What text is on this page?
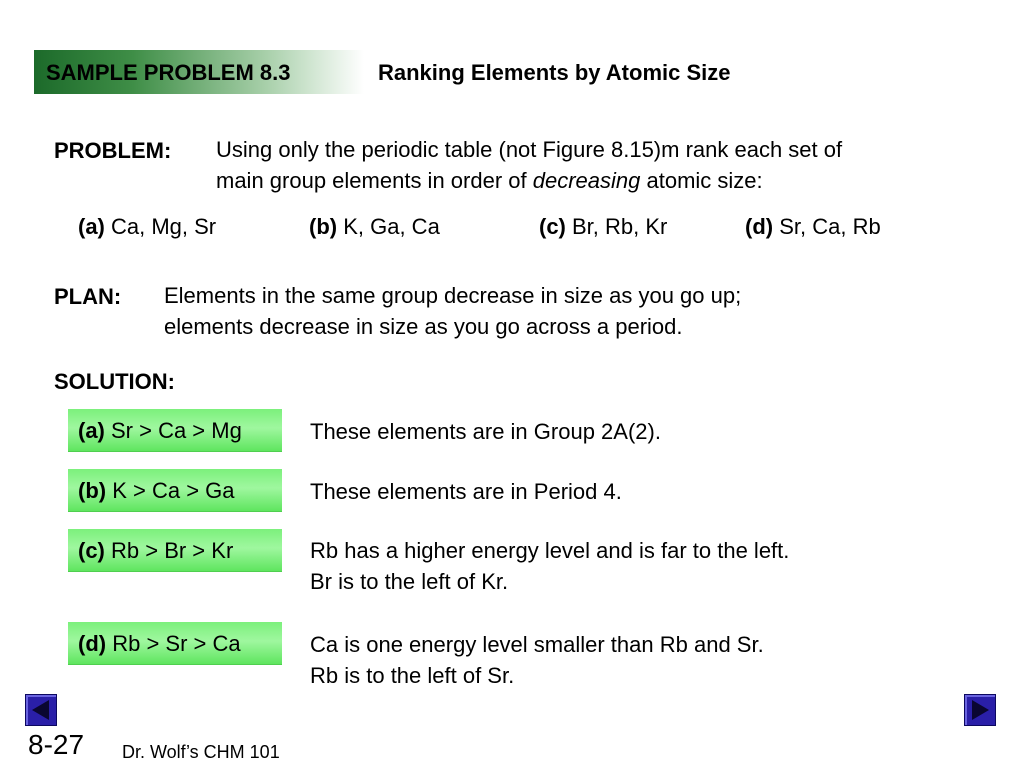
SAMPLE PROBLEM 8.3	Ranking Elements by Atomic Size
PROBLEM: Using only the periodic table (not Figure 8.15)m rank each set of
main group elements in order of decreasing atomic size:
(a) Ca, Mg, Sr	(b) K, Ga, Ca	(c) Br, Rb, Kr	(d) Sr, Ca, Rb
PLAN: Elements in the same group decrease in size as you go up;
elements decrease in size as you go across a period.
SOLUTION:
(a) Sr > Ca > Mg	These elements are in Group 2A(2).
(b) K > Ca > Ga	These elements are in Period 4.
(c) Rb > Br > Kr	Rb has a higher energy level and is far to the left.
Br is to the left of Kr.
(d) Rb > Sr > Ca	Ca is one energy level smaller than Rb and Sr.
Rb is to the left of Sr.
8-27 Dr. Wolf’s CHM 101
